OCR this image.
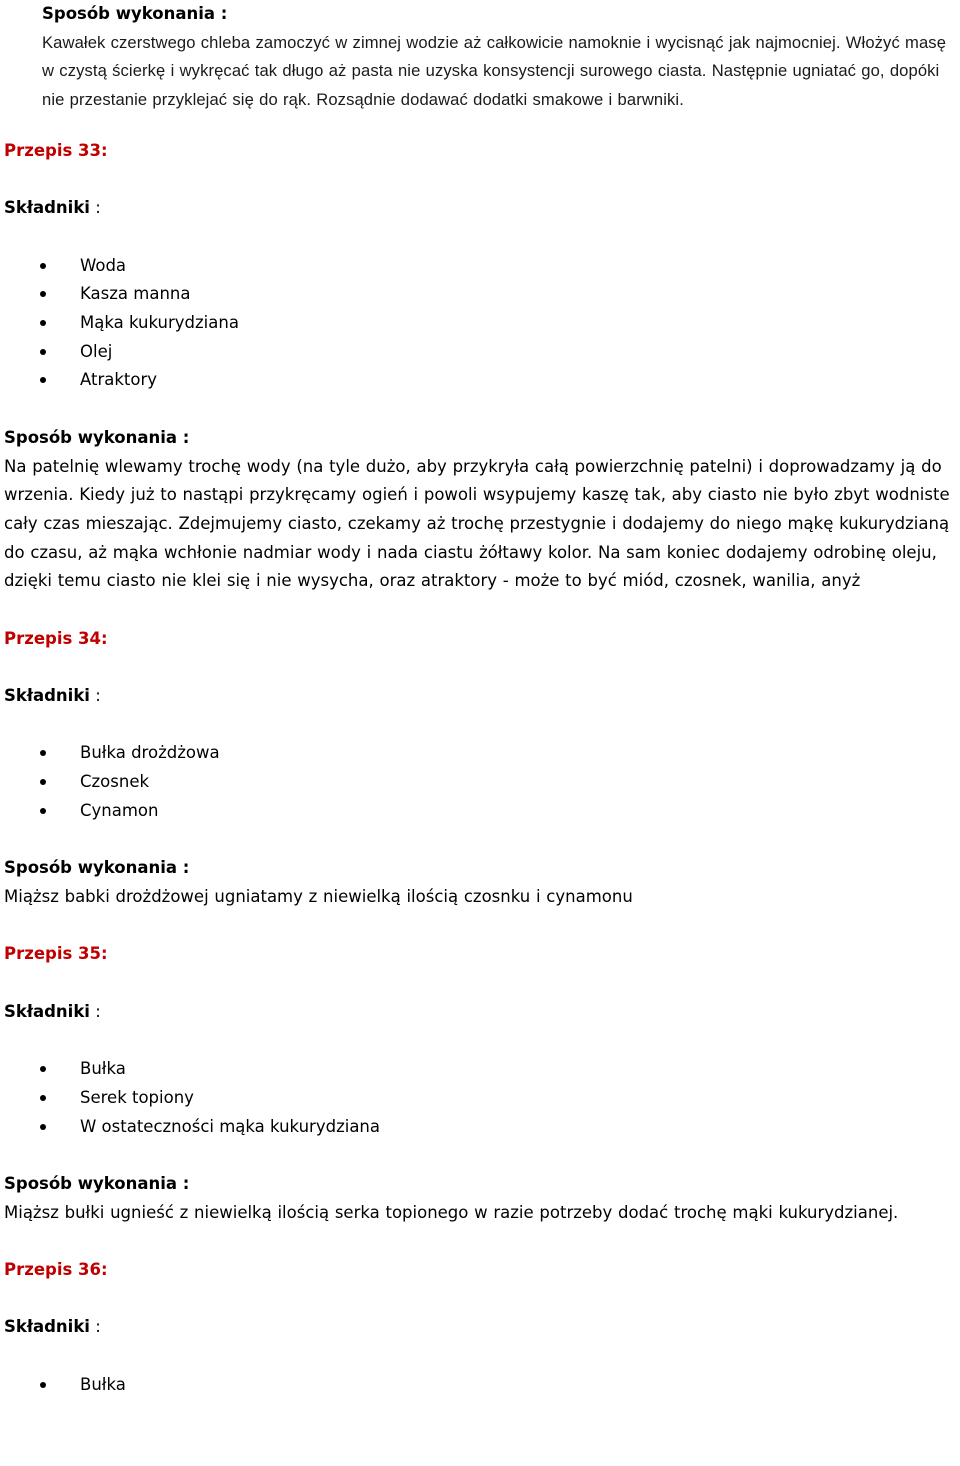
Sposób wykonania :

Kawałek czerstwego chleba zamoczyć w zimnej wodzie aż całkowicie namoknie i wycisnąć jak najmocniej. Włożyć masę w czystą ścierkę i wykręcać tak długo aż pasta nie uzyska konsystencji surowego ciasta. Następnie ugniatać go, dopóki nie przestanie przyklejać się do rąk. Rozsądnie dodawać dodatki smakowe i barwniki.

Przepis 33:

Składniki :

Woda
Kasza manna
Mąka kukurydziana
Olej
Atraktory

Sposób wykonania :

Na patelnię wlewamy trochę wody (na tyle dużo, aby przykryła całą powierzchnię patelni) i doprowadzamy ją do wrzenia. Kiedy już to nastąpi przykręcamy ogień i powoli wsypujemy kaszę tak, aby ciasto nie było zbyt wodniste cały czas mieszając. Zdejmujemy ciasto, czekamy aż trochę przestygnie i dodajemy do niego mąkę kukurydzianą do czasu, aż mąka wchłonie nadmiar wody i nada ciastu żółtawy kolor. Na sam koniec dodajemy odrobinę oleju, dzięki temu ciasto nie klei się i nie wysycha, oraz atraktory - może to być miód, czosnek, wanilia, anyż

Przepis 34:

Składniki :

Bułka drożdżowa
Czosnek
Cynamon

Sposób wykonania :

Miąższ babki drożdżowej ugniatamy z niewielką ilością czosnku i cynamonu

Przepis 35:

Składniki :

Bułka
Serek topiony
W ostateczności mąka kukurydziana

Sposób wykonania :

Miąższ bułki ugnieść z niewielką ilością serka topionego w razie potrzeby dodać trochę mąki kukurydzianej.

Przepis 36:

Składniki :

Bułka
